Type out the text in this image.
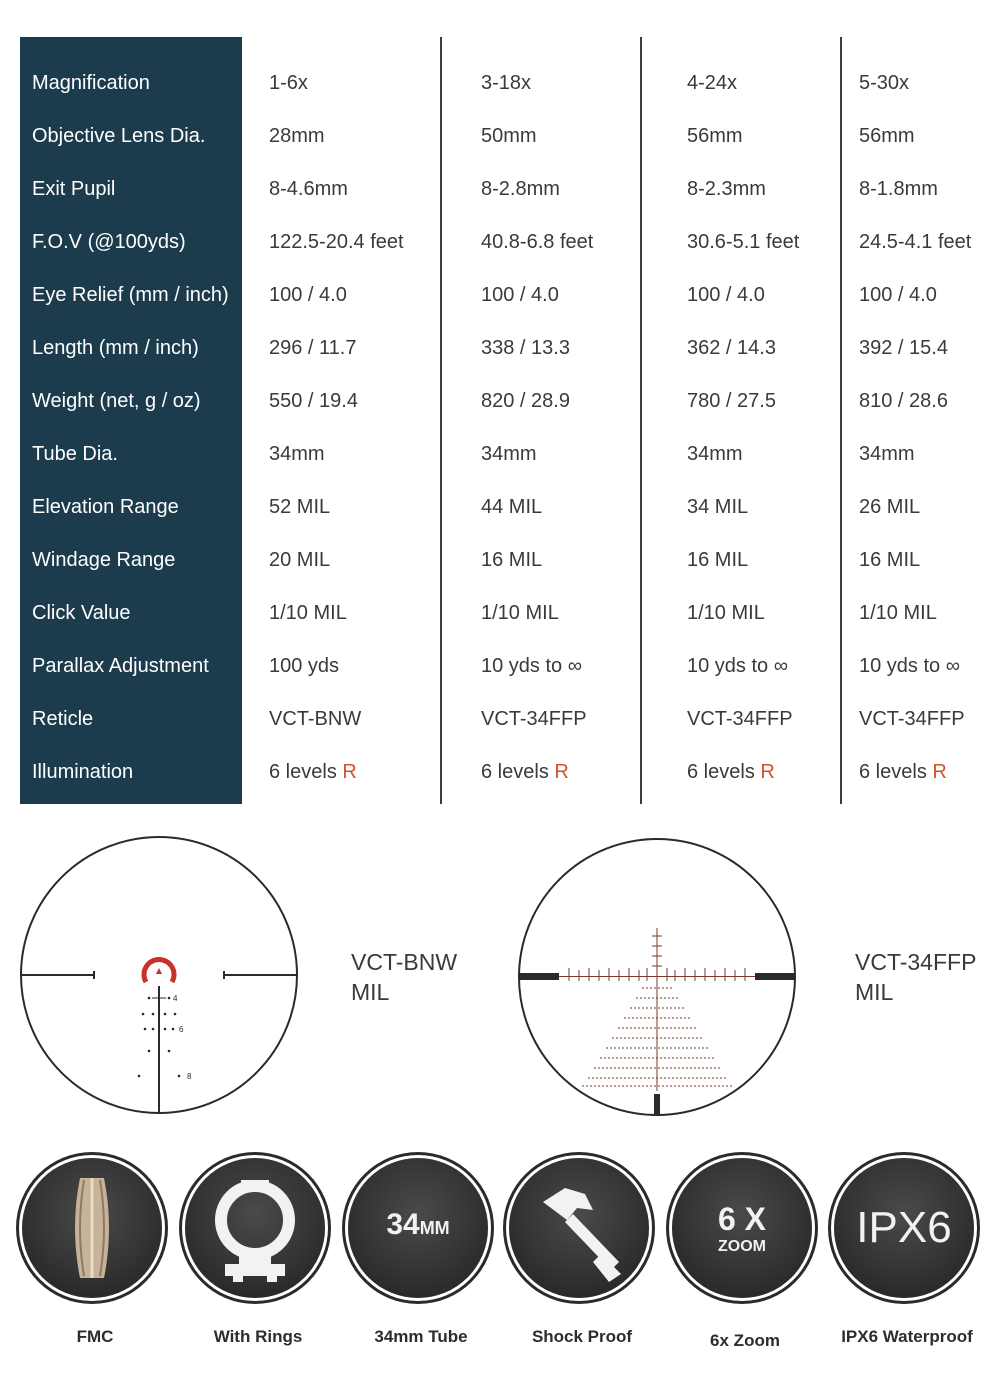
Magnification	1-6x	3-18x	4-24x	5-30x
Objective Lens Dia.	28mm	50mm	56mm	56mm
Exit Pupil	8-4.6mm	8-2.8mm	8-2.3mm	8-1.8mm
F.O.V (@100yds)	122.5-20.4 feet	40.8-6.8 feet	30.6-5.1 feet	24.5-4.1 feet
Eye Relief (mm / inch) 100 / 4.0	100 / 4.0	100 / 4.0	100 / 4.0
Length (mm / inch)	296 / 11.7	338 / 13.3	362 / 14.3	392 / 15.4
Weight (net, g / oz)	550 / 19.4	820 / 28.9	780 / 27.5	810 / 28.6
Tube Dia.	34mm	34mm	34mm	34mm
Elevation Range	52 MIL	44 MIL	34 MIL	26 MIL
Windage Range	20 MIL	16 MIL	16 MIL	16 MIL
Click Value	1/10 MIL	1/10 MIL	1/10 MIL	1/10 MIL
Parallax Adjustment	100 yds	10 yds to ∞	10 yds to ∞	10 yds to ∞
Reticle	VCT-BNW	VCT-34FFP	VCT-34FFP	VCT-34FFP
Illumination	6 levels R	6 levels R	6 levels R	6 levels R
4
6
8
VCT-BNW
MIL
VCT-34FFP
MIL
FMC	With Rings
34MM
34mm Tube	Shock Proof
6 X
ZOOM
6x Zoom
IPX6
IPX6 Waterproof
